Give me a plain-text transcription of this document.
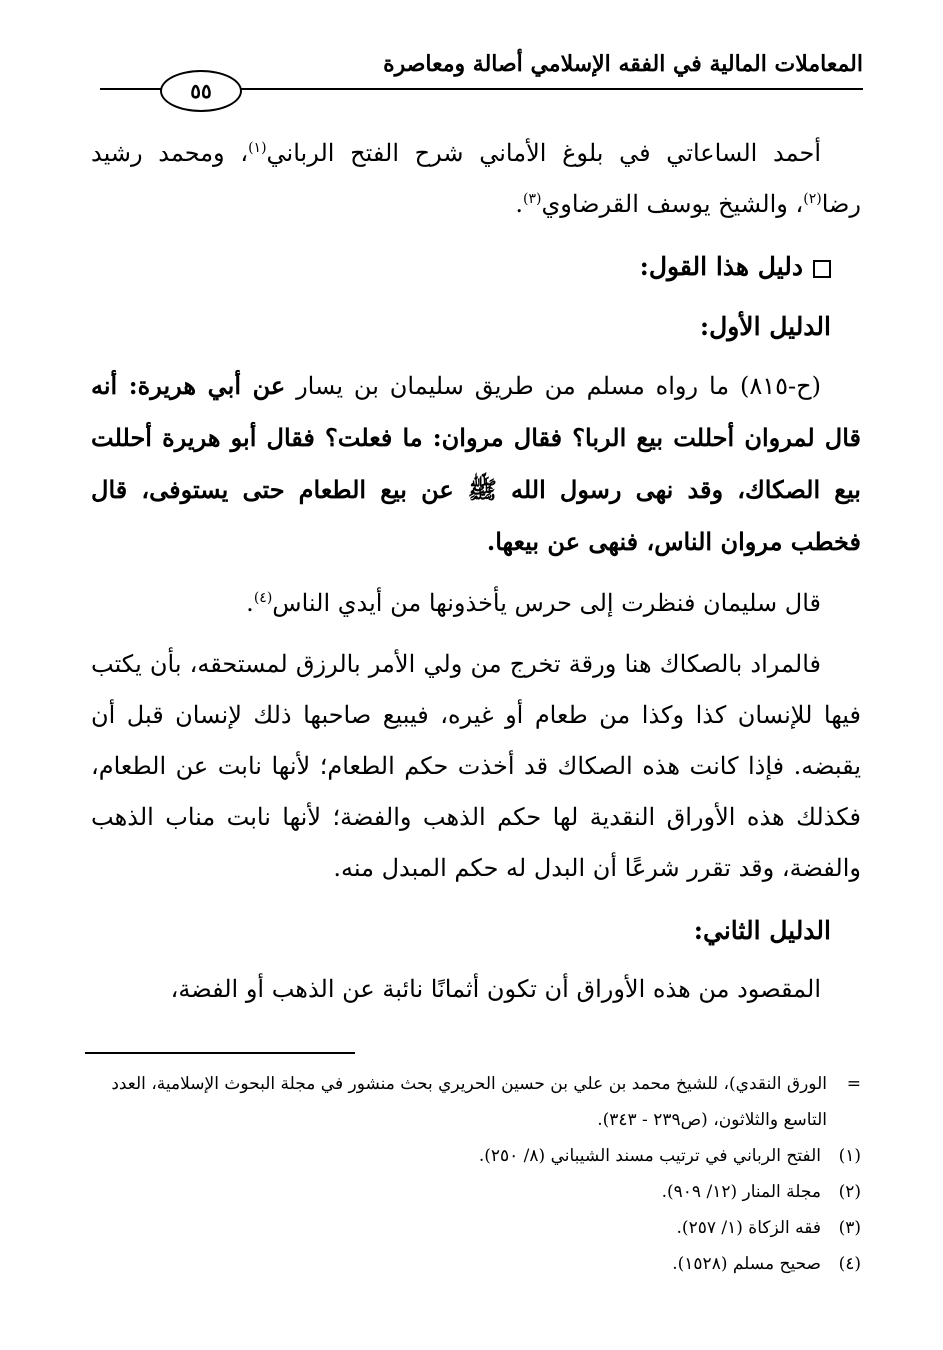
المعاملات المالية في الفقه الإسلامي أصالة ومعاصرة
٥٥

أحمد الساعاتي في بلوغ الأماني شرح الفتح الرباني$^{(١)}$، ومحمد رشيد رضا$^{(٢)}$، والشيخ يوسف القرضاوي$^{(٣)}$.

دليل هذا القول:
الدليل الأول:

(ح-٨١٥) ما رواه مسلم من طريق سليمان بن يسار عن أبي هريرة: أنه قال لمروان أحللت بيع الربا؟ فقال مروان: ما فعلت؟ فقال أبو هريرة أحللت بيع الصكاك، وقد نهى رسول الله ﷺ عن بيع الطعام حتى يستوفى، قال فخطب مروان الناس، فنهى عن بيعها.

قال سليمان فنظرت إلى حرس يأخذونها من أيدي الناس$^{(٤)}$.

فالمراد بالصكاك هنا ورقة تخرج من ولي الأمر بالرزق لمستحقه، بأن يكتب فيها للإنسان كذا وكذا من طعام أو غيره، فيبيع صاحبها ذلك لإنسان قبل أن يقبضه. فإذا كانت هذه الصكاك قد أخذت حكم الطعام؛ لأنها نابت عن الطعام، فكذلك هذه الأوراق النقدية لها حكم الذهب والفضة؛ لأنها نابت مناب الذهب والفضة، وقد تقرر شرعًا أن البدل له حكم المبدل منه.

الدليل الثاني:

المقصود من هذه الأوراق أن تكون أثمانًا نائبة عن الذهب أو الفضة،

=
الورق النقدي)، للشيخ محمد بن علي بن حسين الحريري بحث منشور في مجلة البحوث الإسلامية، العدد التاسع والثلاثون، (ص٢٣٩ - ٣٤٣).
(١)الفتح الرباني في ترتيب مسند الشيباني (٨/ ٢٥٠).
(٢)مجلة المنار (١٢/ ٩٠٩).
(٣)فقه الزكاة (١/ ٢٥٧).
(٤)صحيح مسلم (١٥٢٨).
